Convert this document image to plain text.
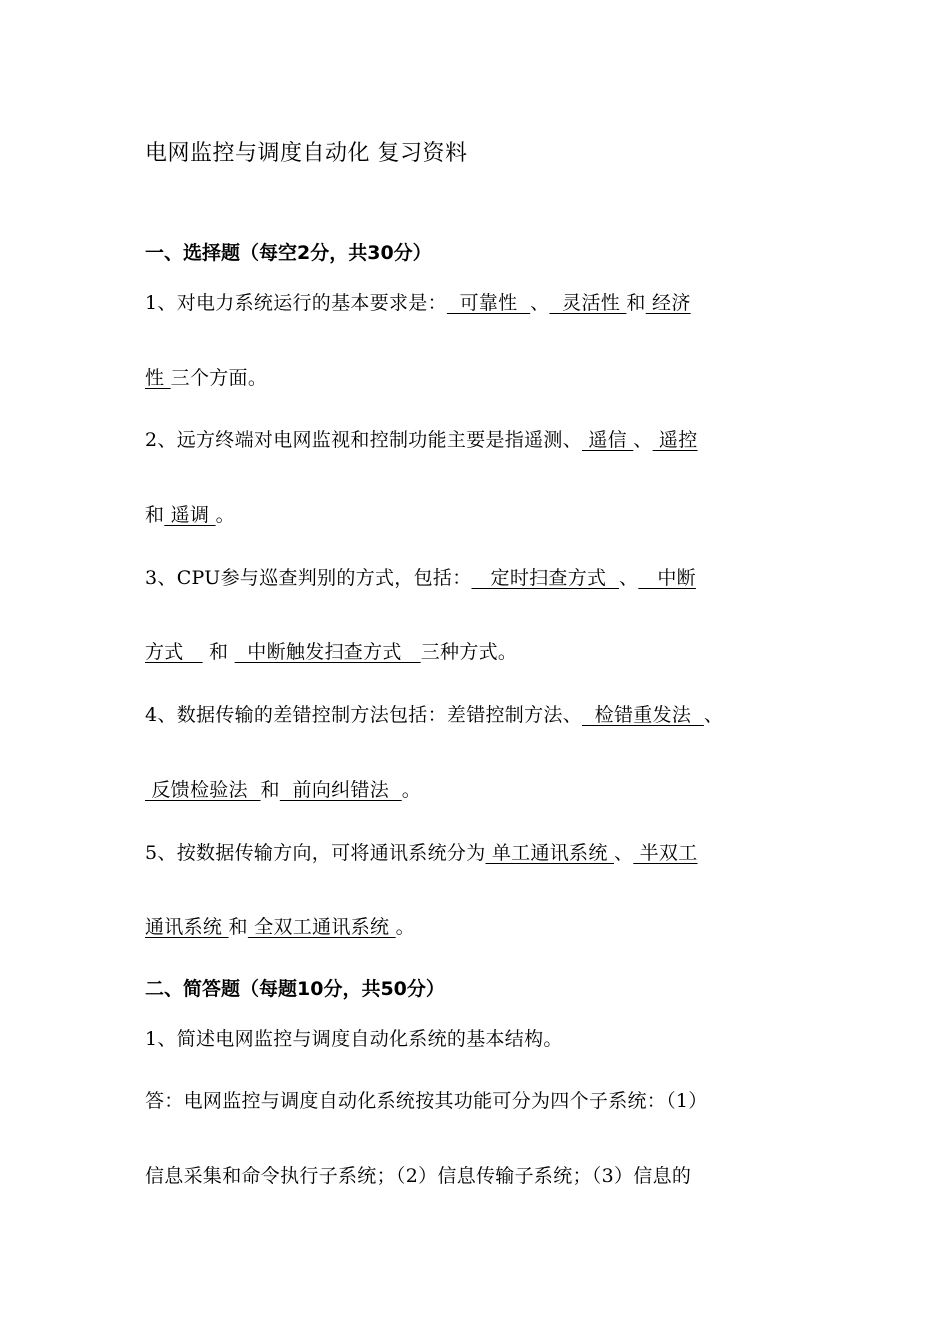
电网监控与调度自动化 复习资料
一、选择题（每空2分，共30分）
1、对电力系统运行的基本要求是：  可靠性  、  灵活性 和 经济
性 三个方面。
2、远方终端对电网监视和控制功能主要是指遥测、 遥信 、 遥控
和 遥调 。
3、CPU参与巡查判别的方式，包括：   定时扫查方式  、   中断
方式    和   中断触发扫查方式   三种方式。
4、数据传输的差错控制方法包括：差错控制方法、  检错重发法  、
反馈检验法  和  前向纠错法  。
5、按数据传输方向，可将通讯系统分为 单工通讯系统 、 半双工
通讯系统 和 全双工通讯系统 。
二、简答题（每题10分，共50分）
1、简述电网监控与调度自动化系统的基本结构。
答：电网监控与调度自动化系统按其功能可分为四个子系统：（1）
信息采集和命令执行子系统；（2）信息传输子系统；（3）信息的
